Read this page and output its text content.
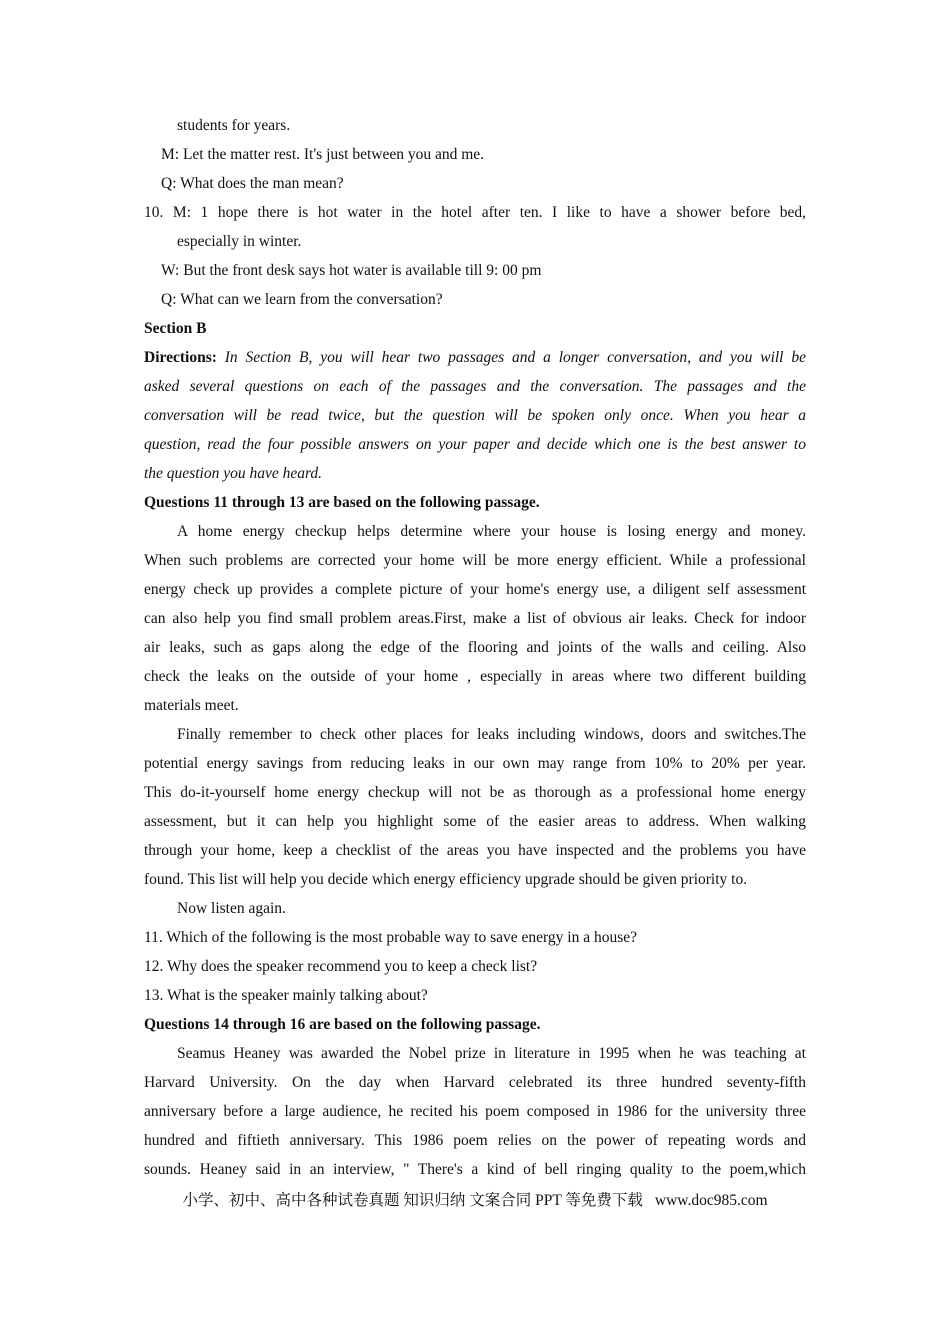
students for years.
M: Let the matter rest. It's just between you and me.
Q: What does the man mean?
10. M: 1 hope there is hot water in the hotel after ten. I like to have a shower before bed,
especially in winter.
W: But the front desk says hot water is available till 9: 00 pm
Q: What can we learn from the conversation?
Section B
Directions: In Section B, you will hear two passages and a longer conversation, and you will be
asked several questions on each of the passages and the conversation. The passages and the
conversation will be read twice, but the question will be spoken only once. When you hear a
question, read the four possible answers on your paper and decide which one is the best answer to
the question you have heard.
Questions 11 through 13 are based on the following passage.
A home energy checkup helps determine where your house is losing energy and money.
When such problems are corrected your home will be more energy efficient. While a professional
energy check up provides a complete picture of your home's energy use, a diligent self assessment
can also help you find small problem areas.First, make a list of obvious air leaks. Check for indoor
air leaks, such as gaps along the edge of the flooring and joints of the walls and ceiling. Also
check the leaks on the outside of your home , especially in areas where two different building
materials meet.
Finally remember to check other places for leaks including windows, doors and switches.The
potential energy savings from reducing leaks in our own may range from 10% to 20% per year.
This do-it-yourself home energy checkup will not be as thorough as a professional home energy
assessment, but it can help you highlight some of the easier areas to address. When walking
through your home, keep a checklist of the areas you have inspected and the problems you have
found. This list will help you decide which energy efficiency upgrade should be given priority to.
Now listen again.
11. Which of the following is the most probable way to save energy in a house?
12. Why does the speaker recommend you to keep a check list?
13. What is the speaker mainly talking about?
Questions 14 through 16 are based on the following passage.
Seamus Heaney was awarded the Nobel prize in literature in 1995 when he was teaching at
Harvard University. On the day when Harvard celebrated its three hundred seventy-fifth
anniversary before a large audience, he recited his poem composed in 1986 for the university three
hundred and fiftieth anniversary. This 1986 poem relies on the power of repeating words and
sounds. Heaney said in an interview, " There's a kind of bell ringing quality to the poem,which
小学、初中、高中各种试卷真题 知识归纳 文案合同 PPT 等免费下载 www.doc985.com
